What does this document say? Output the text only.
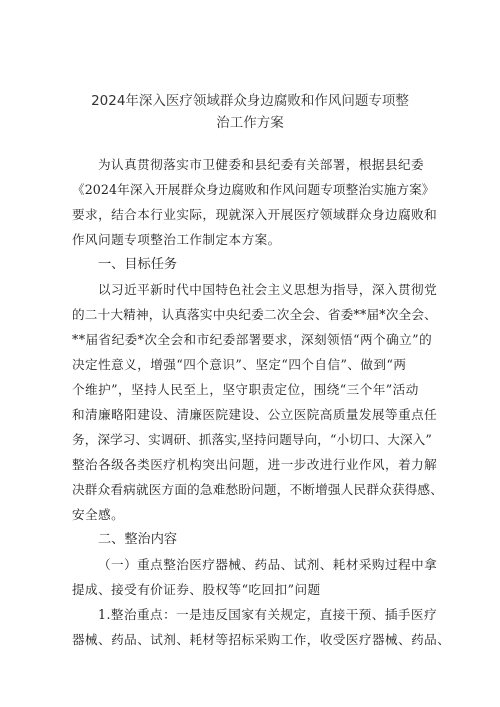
2024年深入医疗领域群众身边腐败和作风问题专项整
治工作方案
为认真贯彻落实市卫健委和县纪委有关部署，根据县纪委
《2024年深入开展群众身边腐败和作风问题专项整治实施方案》
要求，结合本行业实际，现就深入开展医疗领域群众身边腐败和
作风问题专项整治工作制定本方案。
一、目标任务
以习近平新时代中国特色社会主义思想为指导，深入贯彻党
的二十大精神，认真落实中央纪委二次全会、省委**届*次全会、
**届省纪委*次全会和市纪委部署要求，深刻领悟“两个确立”的
决定性意义，增强“四个意识”、坚定“四个自信”、做到“两
个维护”，坚持人民至上，坚守职责定位，围绕“三个年”活动
和清廉略阳建设、清廉医院建设、公立医院高质量发展等重点任
务，深学习、实调研、抓落实,坚持问题导向，“小切口、大深入”
整治各级各类医疗机构突出问题，进一步改进行业作风，着力解
决群众看病就医方面的急难愁盼问题，不断增强人民群众获得感、
安全感。
二、整治内容
（一）重点整治医疗器械、药品、试剂、耗材采购过程中拿
提成、接受有价证券、股权等“吃回扣”问题
1.整治重点：一是违反国家有关规定，直接干预、插手医疗
器械、药品、试剂、耗材等招标采购工作，收受医疗器械、药品、
